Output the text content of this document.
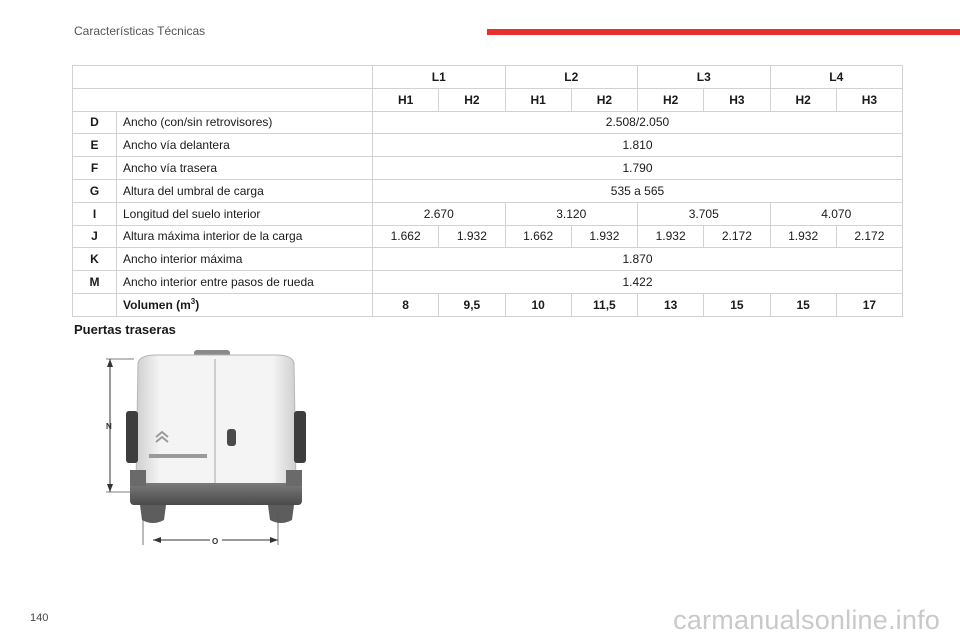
Características Técnicas
		L1		L2		L3		L4	
		H1	H2	H1	H2	H2	H3	H2	H3
D	Ancho (con/sin retrovisores)	2.508/2.050							
E	Ancho vía delantera	1.810							
F	Ancho vía trasera	1.790							
G	Altura del umbral de carga	535 a 565							
I	Longitud del suelo interior	2.670		3.120		3.705		4.070	
J	Altura máxima interior de la carga	1.662	1.932	1.662	1.932	1.932	2.172	1.932	2.172
K	Ancho interior máxima	1.870							
M	Ancho interior entre pasos de rueda	1.422							
	Volumen $(m^3)$	8	9,5	10	11,5	13	15	15	17
Puertas traseras
N
O
140	carmanualsonline.info
